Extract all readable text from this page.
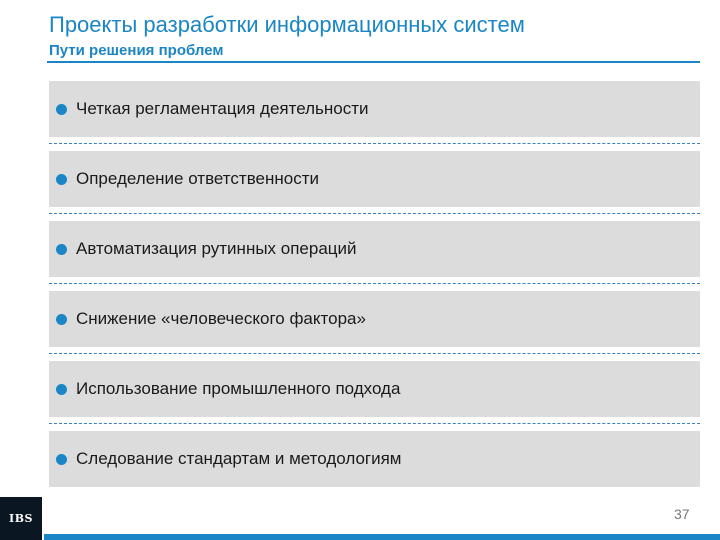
Проекты разработки информационных систем
Пути решения проблем
Четкая регламентация деятельности
Определение ответственности
Автоматизация рутинных операций
Снижение «человеческого фактора»
Использование промышленного подхода
Следование стандартам и методологиям
IBS	37
